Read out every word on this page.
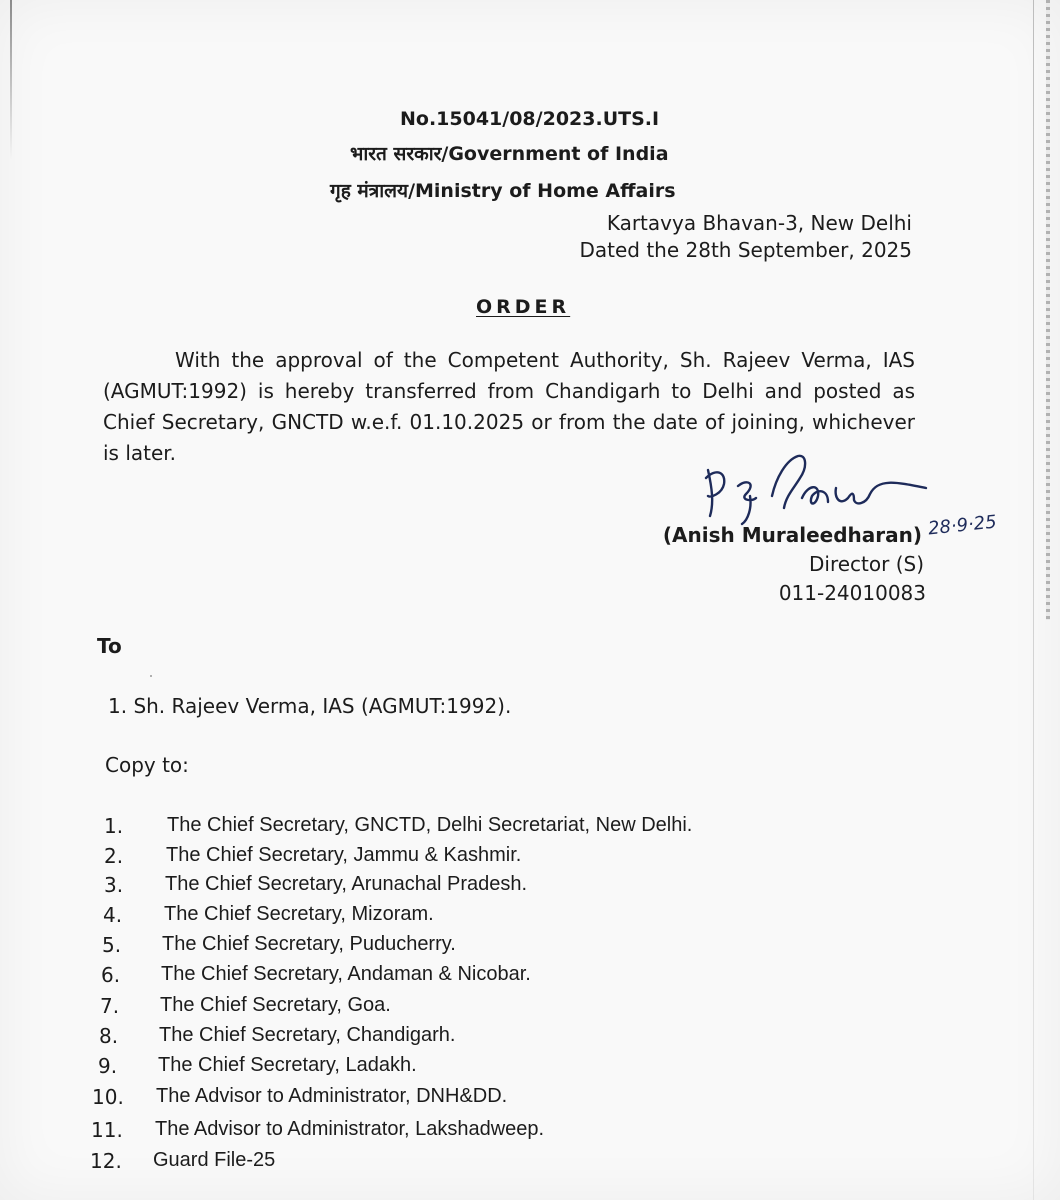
No.15041/08/2023.UTS.I
भारत सरकार/Government of India
गृह मंत्रालय/Ministry of Home Affairs
Kartavya Bhavan-3, New Delhi
Dated the 28th September, 2025
ORDER
With the approval of the Competent Authority, Sh. Rajeev Verma, IAS (AGMUT:1992) is hereby transferred from Chandigarh to Delhi and posted as Chief Secretary, GNCTD w.e.f. 01.10.2025 or from the date of joining, whichever is later.
28·9·25
(Anish Muraleedharan)
Director (S)
011-24010083
To
1. Sh. Rajeev Verma, IAS (AGMUT:1992).
Copy to:
1. The Chief Secretary, GNCTD, Delhi Secretariat, New Delhi.
2. The Chief Secretary, Jammu & Kashmir.
3. The Chief Secretary, Arunachal Pradesh.
4. The Chief Secretary, Mizoram.
5. The Chief Secretary, Puducherry.
6. The Chief Secretary, Andaman & Nicobar.
7. The Chief Secretary, Goa.
8. The Chief Secretary, Chandigarh.
9. The Chief Secretary, Ladakh.
10. The Advisor to Administrator, DNH&DD.
11. The Advisor to Administrator, Lakshadweep.
12. Guard File-25
